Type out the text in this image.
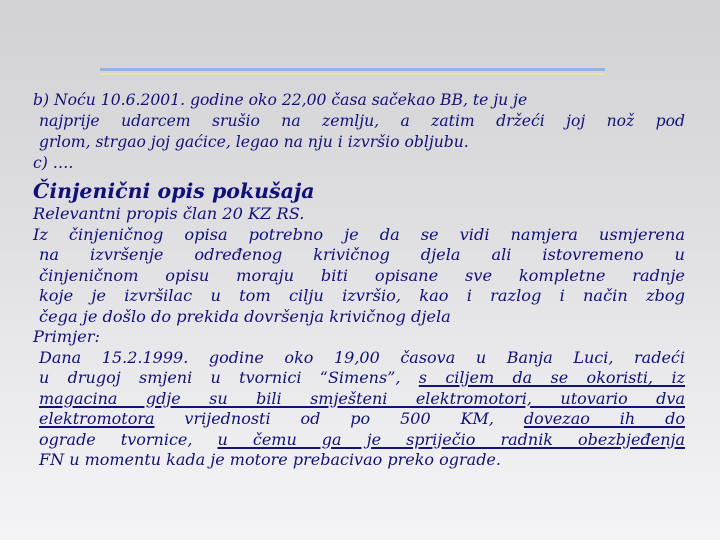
b) Noću 10.6.2001. godine oko 22,00 časa sačekao BB, te ju je
najprije udarcem srušio na zemlju, a zatim držeći joj nož pod
grlom, strgao joj gaćice, legao na nju i izvršio obljubu.
c) ….
Činjenični opis pokušaja
Relevantni propis član 20 KZ RS.
Iz činjeničnog opisa potrebno je da se vidi namjera usmjerena
na izvršenje određenog krivičnog djela ali istovremeno u
činjeničnom opisu moraju biti opisane sve kompletne radnje
koje je izvršilac u tom cilju izvršio, kao i razlog i način zbog
čega je došlo do prekida dovršenja krivičnog djela
Primjer:
Dana 15.2.1999. godine oko 19,00 časova u Banja Luci, radeći
u drugoj smjeni u tvornici “Simens”, s ciljem da se okoristi, iz
magacina gdje su bili smješteni elektromotori, utovario dva
elektromotora vrijednosti od po 500 KM, dovezao ih do
ograde tvornice, u čemu ga je spriječio radnik obezbjeđenja
FN u momentu kada je motore prebacivao preko ograde.
